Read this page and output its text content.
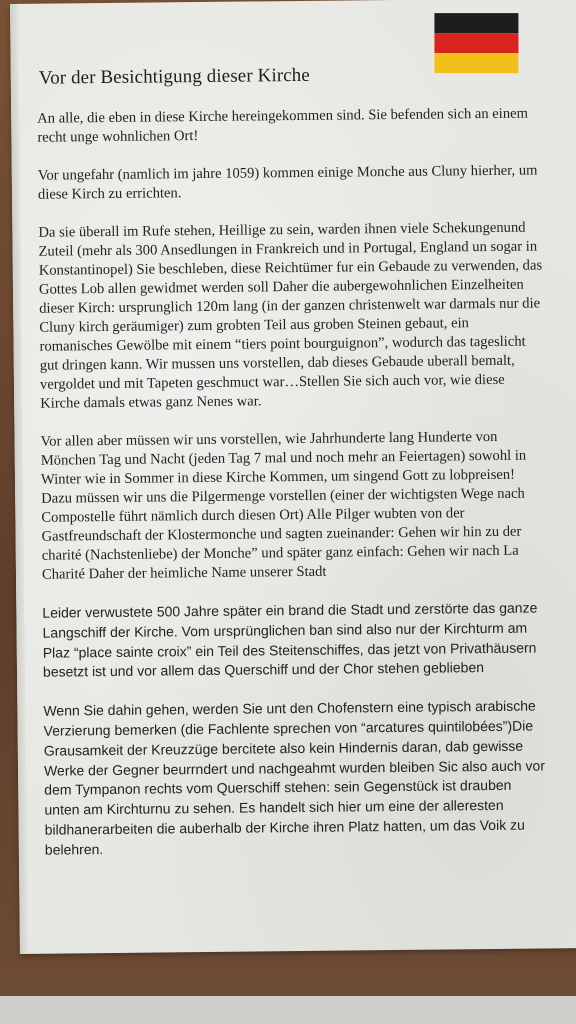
Vor der Besichtigung dieser Kirche

An alle, die eben in diese Kirche hereingekommen sind. Sie befenden sich an einem recht unge wohnlichen Ort!

Vor ungefahr (namlich im jahre 1059) kommen einige Monche aus Cluny hierher, um diese Kirch zu errichten.

Da sie überall im Rufe stehen, Heillige zu sein, warden ihnen viele Schekungenund Zuteil (mehr als 300 Ansedlungen in Frankreich und in Portugal, England un sogar in Konstantinopel) Sie beschleben, diese Reichtümer fur ein Gebaude zu verwenden, das Gottes Lob allen gewidmet werden soll Daher die aubergewohnlichen Einzelheiten dieser Kirch: ursprunglich 120m lang (in der ganzen christenwelt war darmals nur die Cluny kirch geräumiger) zum grobten Teil aus groben Steinen gebaut, ein romanisches Gewölbe mit einem “tiers point bourguignon”, wodurch das tageslicht gut dringen kann. Wir mussen uns vorstellen, dab dieses Gebaude uberall bemalt, vergoldet und mit Tapeten geschmuct war…Stellen Sie sich auch vor, wie diese Kirche damals etwas ganz Nenes war.

Vor allen aber müssen wir uns vorstellen, wie Jahrhunderte lang Hunderte von Mönchen Tag und Nacht (jeden Tag 7 mal und noch mehr an Feiertagen) sowohl in Winter wie in Sommer in diese Kirche Kommen, um singend Gott zu lobpreisen! Dazu müssen wir uns die Pilgermenge vorstellen (einer der wichtigsten Wege nach Compostelle führt nämlich durch diesen Ort) Alle Pilger wubten von der Gastfreundschaft der Klostermonche und sagten zueinander: Gehen wir hin zu der charité (Nachstenliebe) der Monche” und später ganz einfach: Gehen wir nach La Charité Daher der heimliche Name unserer Stadt

Leider verwustete 500 Jahre später ein brand die Stadt und zerstörte das ganze Langschiff der Kirche. Vom ursprünglichen ban sind also nur der Kirchturm am Plaz “place sainte croix” ein Teil des Steitenschiffes, das jetzt von Privathäusern besetzt ist und vor allem das Querschiff und der Chor stehen geblieben

Wenn Sie dahin gehen, werden Sie unt den Chofenstern eine typisch arabische Verzierung bemerken (die Fachlente sprechen von “arcatures quintilobées”)Die Grausamkeit der Kreuzzüge bercitete also kein Hindernis daran, dab gewisse Werke der Gegner beurrndert und nachgeahmt wurden bleiben Sic also auch vor dem Tympanon rechts vom Querschiff stehen: sein Gegenstück ist drauben unten am Kirchturnu zu sehen. Es handelt sich hier um eine der alleresten bildhanerarbeiten die auberhalb der Kirche ihren Platz hatten, um das Voik zu belehren.
